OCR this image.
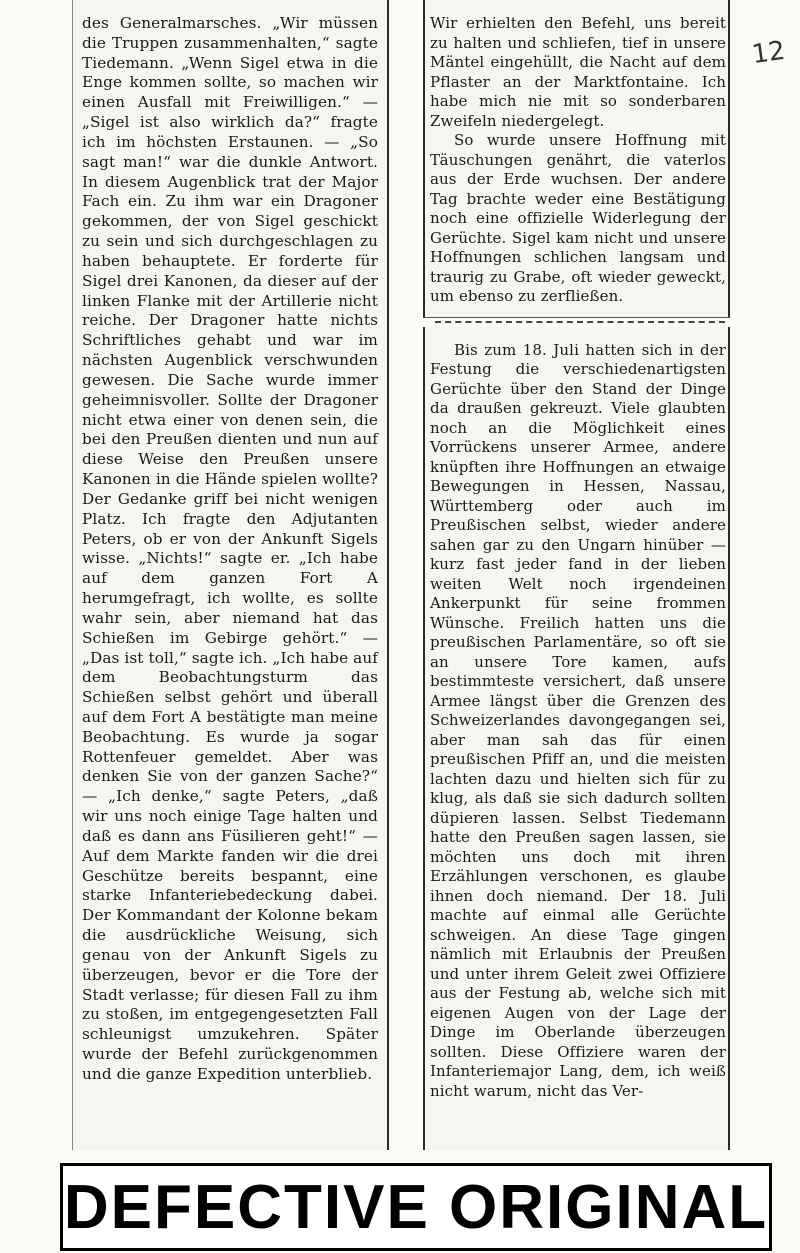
des Generalmarsches. „Wir müssen die Truppen zusammenhalten,“ sagte Tiedemann. „Wenn Sigel etwa in die Enge kommen sollte, so machen wir einen Ausfall mit Freiwilligen.“ — „Sigel ist also wirklich da?“ fragte ich im höchsten Erstaunen. — „So sagt man!“ war die dunkle Antwort. In diesem Augenblick trat der Major Fach ein. Zu ihm war ein Dragoner gekommen, der von Sigel geschickt zu sein und sich durchgeschlagen zu haben behauptete. Er forderte für Sigel drei Kanonen, da dieser auf der linken Flanke mit der Artillerie nicht reiche. Der Dragoner hatte nichts Schriftliches gehabt und war im nächsten Augenblick verschwunden gewesen. Die Sache wurde immer geheimnisvoller. Sollte der Dragoner nicht etwa einer von denen sein, die bei den Preußen dienten und nun auf diese Weise den Preußen unsere Kanonen in die Hände spielen wollte? Der Gedanke griff bei nicht wenigen Platz. Ich fragte den Adjutanten Peters, ob er von der Ankunft Sigels wisse. „Nichts!“ sagte er. „Ich habe auf dem ganzen Fort A herumgefragt, ich wollte, es sollte wahr sein, aber niemand hat das Schießen im Gebirge gehört.“ — „Das ist toll,“ sagte ich. „Ich habe auf dem Beobachtungsturm das Schießen selbst gehört und überall auf dem Fort A bestätigte man meine Beobachtung. Es wurde ja sogar Rottenfeuer gemeldet. Aber was denken Sie von der ganzen Sache?“ — „Ich denke,“ sagte Peters, „daß wir uns noch einige Tage halten und daß es dann ans Füsilieren geht!“ — Auf dem Markte fanden wir die drei Geschütze bereits bespannt, eine starke Infanteriebedeckung dabei. Der Kommandant der Kolonne bekam die ausdrückliche Weisung, sich genau von der Ankunft Sigels zu überzeugen, bevor er die Tore der Stadt verlasse; für diesen Fall zu ihm zu stoßen, im entgegengesetzten Fall schleunigst umzukehren. Später wurde der Befehl zurückgenommen und die ganze Expedition unterblieb.

Wir erhielten den Befehl, uns bereit zu halten und schliefen, tief in unsere Mäntel eingehüllt, die Nacht auf dem Pflaster an der Marktfontaine. Ich habe mich nie mit so sonderbaren Zweifeln niedergelegt.

So wurde unsere Hoffnung mit Täuschungen genährt, die vaterlos aus der Erde wuchsen. Der andere Tag brachte weder eine Bestätigung noch eine offizielle Widerlegung der Gerüchte. Sigel kam nicht und unsere Hoffnungen schlichen langsam und traurig zu Grabe, oft wieder geweckt, um ebenso zu zerfließen.

Bis zum 18. Juli hatten sich in der Festung die verschiedenartigsten Gerüchte über den Stand der Dinge da draußen gekreuzt. Viele glaubten noch an die Möglichkeit eines Vorrückens unserer Armee, andere knüpften ihre Hoffnungen an etwaige Bewegungen in Hessen, Nassau, Württemberg oder auch im Preußischen selbst, wieder andere sahen gar zu den Ungarn hinüber — kurz fast jeder fand in der lieben weiten Welt noch irgendeinen Ankerpunkt für seine frommen Wünsche. Freilich hatten uns die preußischen Parlamentäre, so oft sie an unsere Tore kamen, aufs bestimmteste versichert, daß unsere Armee längst über die Grenzen des Schweizerlandes davongegangen sei, aber man sah das für einen preußischen Pfiff an, und die meisten lachten dazu und hielten sich für zu klug, als daß sie sich dadurch sollten düpieren lassen. Selbst Tiedemann hatte den Preußen sagen lassen, sie möchten uns doch mit ihren Erzählungen verschonen, es glaube ihnen doch niemand. Der 18. Juli machte auf einmal alle Gerüchte schweigen. An diese Tage gingen nämlich mit Erlaubnis der Preußen und unter ihrem Geleit zwei Offiziere aus der Festung ab, welche sich mit eigenen Augen von der Lage der Dinge im Oberlande überzeugen sollten. Diese Offiziere waren der Infanteriemajor Lang, dem, ich weiß nicht warum, nicht das Ver-

12
DEFECTIVE ORIGINAL
